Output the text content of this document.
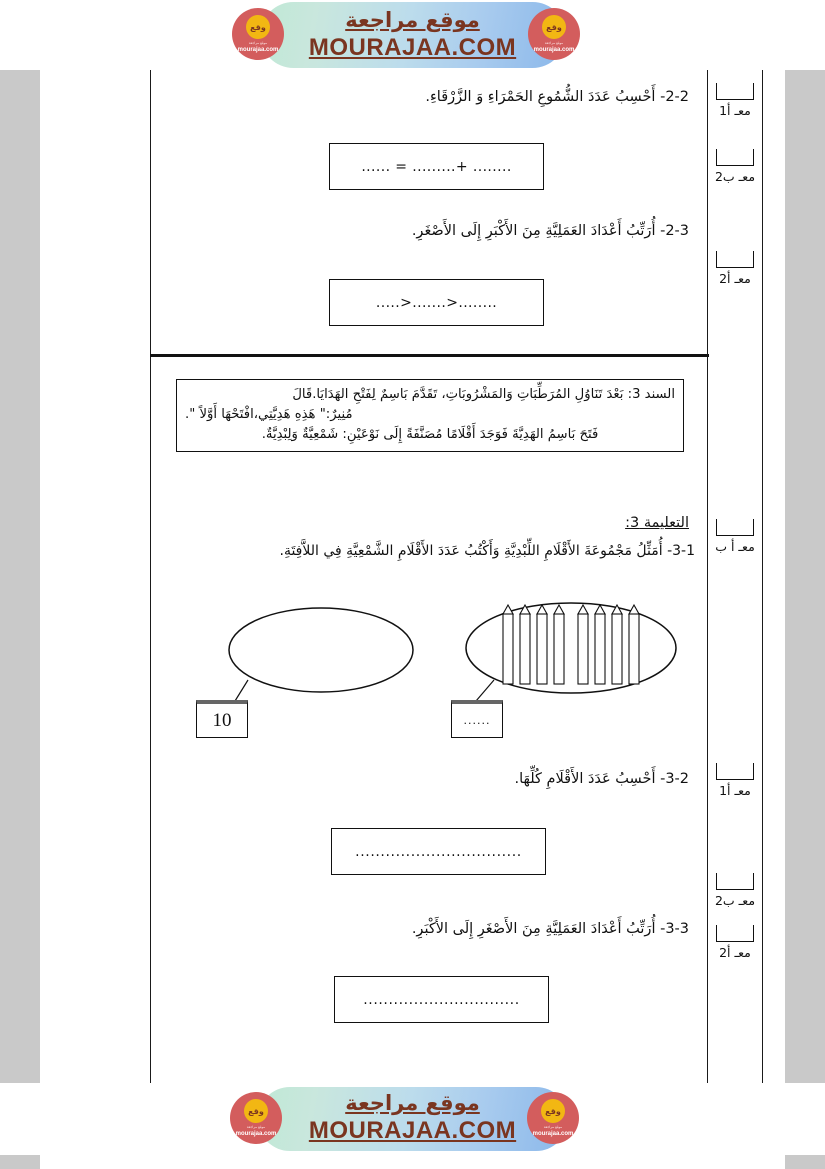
2-2- أَحْسِبُ عَدَدَ الشُّمُوعِ الحَمْرَاءِ وَ الزَّرْقَاءِ.
........ +......... = ......
2-3- أُرَتِّبُ أَعْدَادَ العَمَلِيَّةِ مِنَ الأَكْبَرِ إِلَى الأَصْغَرِ.
........<.......<.....
السند 3: بَعْدَ تَنَاوُلِ المُرَطِّبَاتِ وَالمَشْرُوبَاتِ، تَقَدَّمَ بَاسِمٌ لِفَتْحِ الهَدَايَا.قَالَ
مُنِيرٌ:" هَذِهِ هَدِيَّتِي،افْتَحْهَا أَوَّلاً ".
فَتَحَ بَاسِمُ الهَدِيَّةَ فَوَجَدَ أَقْلَامًا مُصَنَّفَةً إِلَى نَوْعَيْنِ: شَمْعِيَّةٌ وَلِبْدِيَّةٌ.
التعليمة 3:
3-1- أُمَثِّلُ مَجْمُوعَةَ الأَقْلَامِ اللِّبْدِيَّةِ وَأَكْتُبُ عَدَدَ الأَقْلَامِ الشَّمْعِيَّةِ فِي اللاَّفِتَةِ.
......
10
3-2- أَحْسِبُ عَدَدَ الأَقْلَامِ كُلِّهَا.
.................................
3-3- أُرَتِّبُ أَعْدَادَ العَمَلِيَّةِ مِنَ الأَصْغَرِ إِلَى الأَكْبَرِ.
...............................
معـ أ1
معـ ب2
معـ أ2
معـ أ ب
معـ أ1
معـ ب2
معـ أ2
وقع
موقع مراجعة
mourajaa.com
موقع مراجعة
MOURAJAA.COM
وقع
موقع مراجعة
mourajaa.com
وقع
موقع مراجعة
mourajaa.com
موقع مراجعة
MOURAJAA.COM
وقع
موقع مراجعة
mourajaa.com
